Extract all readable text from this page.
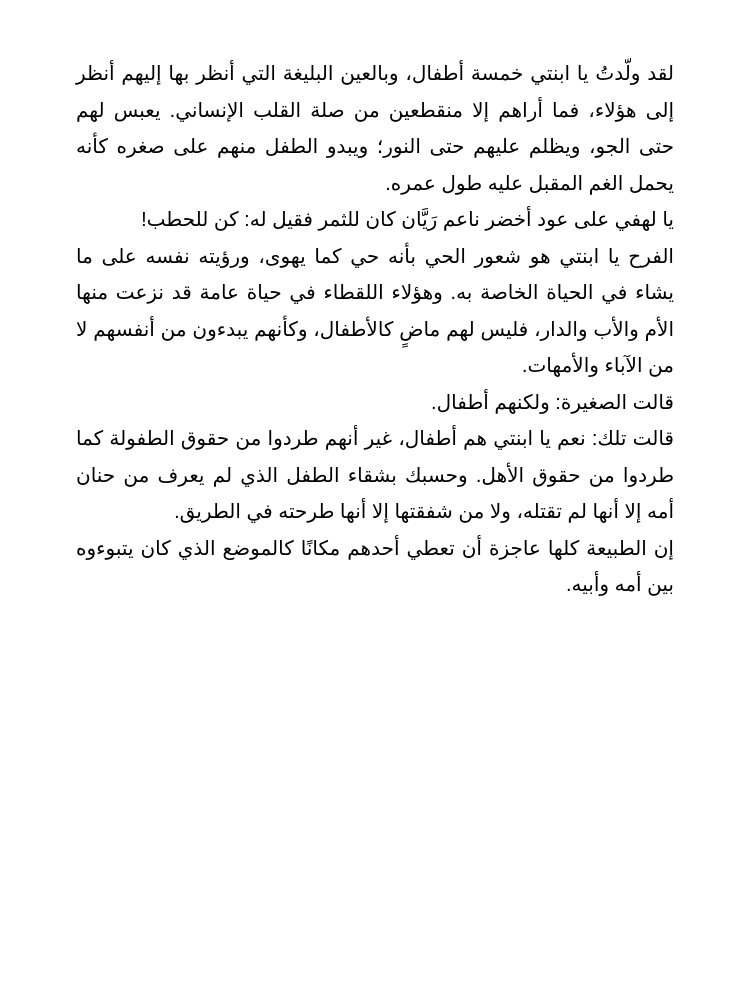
لقد ولّدتُ يا ابنتي خمسة أطفال، وبالعين البليغة التي أنظر بها إليهم أنظر إلى هؤلاء، فما أراهم إلا منقطعين من صلة القلب الإنساني. يعبس لهم حتى الجو، ويظلم عليهم حتى النور؛ ويبدو الطفل منهم على صغره كأنه يحمل الغم المقبل عليه طول عمره.

يا لهفي على عود أخضر ناعم رَيَّان كان للثمر فقيل له: كن للحطب!

الفرح يا ابنتي هو شعور الحي بأنه حي كما يهوى، ورؤيته نفسه على ما يشاء في الحياة الخاصة به. وهؤلاء اللقطاء في حياة عامة قد نزعت منها الأم والأب والدار، فليس لهم ماضٍ كالأطفال، وكأنهم يبدءون من أنفسهم لا من الآباء والأمهات.

قالت الصغيرة: ولكنهم أطفال.

قالت تلك: نعم يا ابنتي هم أطفال، غير أنهم طردوا من حقوق الطفولة كما طردوا من حقوق الأهل. وحسبك بشقاء الطفل الذي لم يعرف من حنان أمه إلا أنها لم تقتله، ولا من شفقتها إلا أنها طرحته في الطريق.

إن الطبيعة كلها عاجزة أن تعطي أحدهم مكانًا كالموضع الذي كان يتبوءوه بين أمه وأبيه.
